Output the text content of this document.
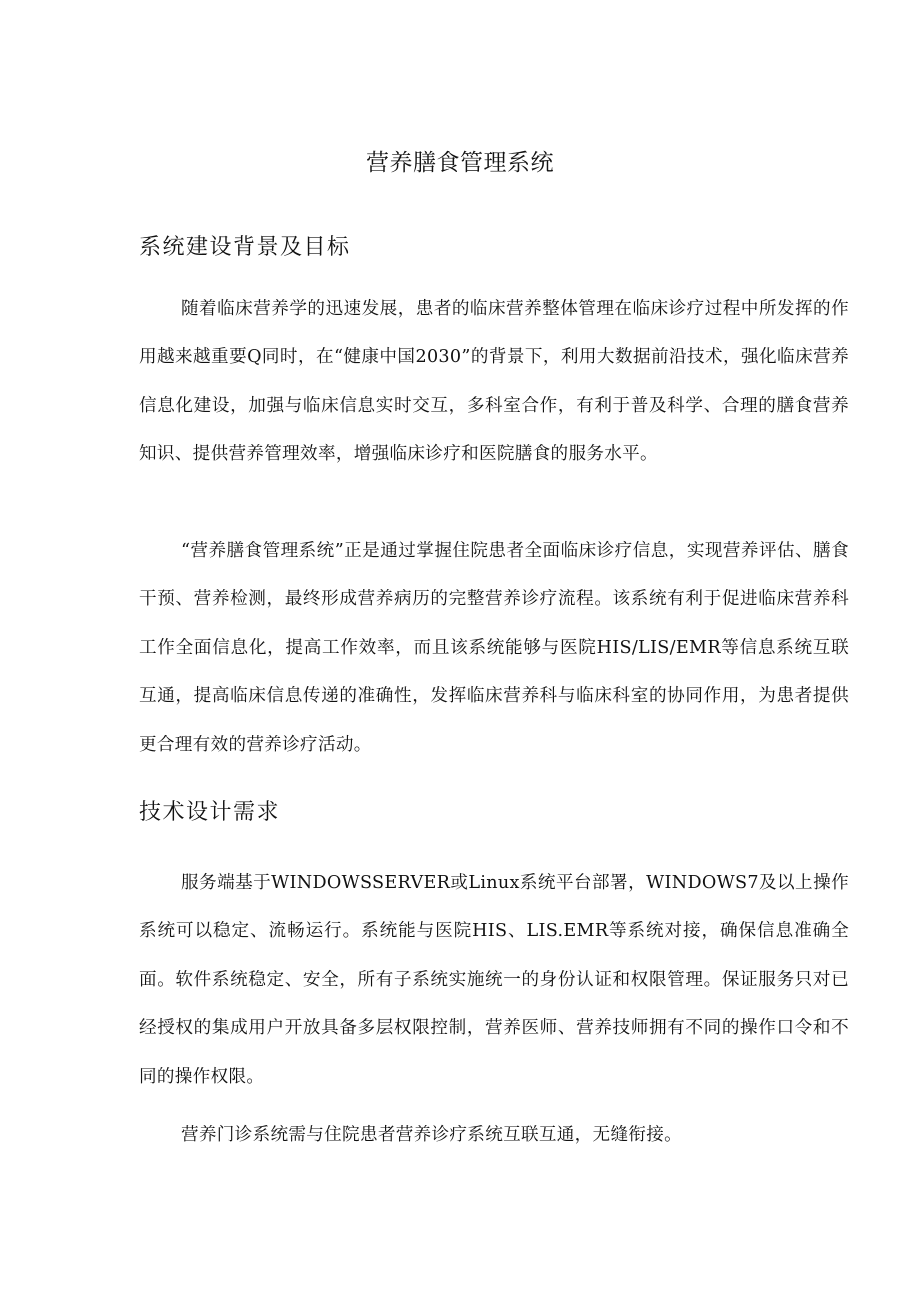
营养膳食管理系统
系统建设背景及目标

随着临床营养学的迅速发展，患者的临床营养整体管理在临床诊疗过程中所发挥的作用越来越重要Q同时，在“健康中国2030”的背景下，利用大数据前沿技术，强化临床营养信息化建设，加强与临床信息实时交互，多科室合作，有利于普及科学、合理的膳食营养知识、提供营养管理效率，增强临床诊疗和医院膳食的服务水平。

“营养膳食管理系统”正是通过掌握住院患者全面临床诊疗信息，实现营养评估、膳食干预、营养检测，最终形成营养病历的完整营养诊疗流程。该系统有利于促进临床营养科工作全面信息化，提高工作效率，而且该系统能够与医院HIS/LIS/EMR等信息系统互联互通，提高临床信息传递的准确性，发挥临床营养科与临床科室的协同作用，为患者提供更合理有效的营养诊疗活动。

技术设计需求

服务端基于WINDOWSSERVER或Linux系统平台部署，WINDOWS7及以上操作系统可以稳定、流畅运行。系统能与医院HIS、LIS.EMR等系统对接，确保信息准确全面。软件系统稳定、安全，所有子系统实施统一的身份认证和权限管理。保证服务只对已经授权的集成用户开放具备多层权限控制，营养医师、营养技师拥有不同的操作口令和不同的操作权限。

营养门诊系统需与住院患者营养诊疗系统互联互通，无缝衔接。
